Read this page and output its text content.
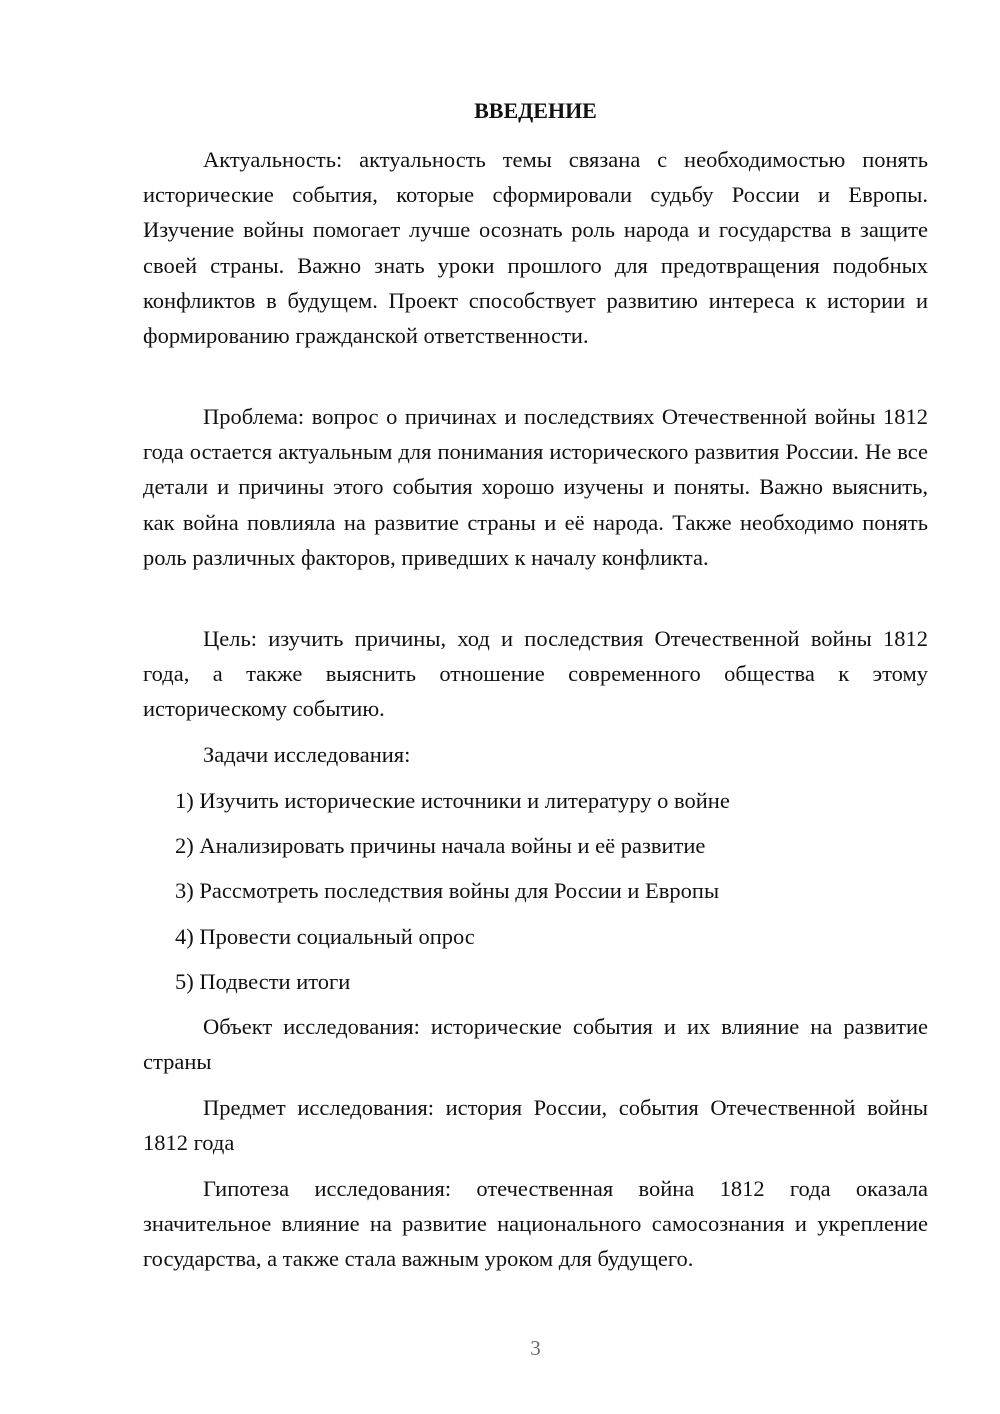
ВВЕДЕНИЕ

Актуальность: актуальность темы связана с необходимостью понять исторические события, которые сформировали судьбу России и Европы. Изучение войны помогает лучше осознать роль народа и государства в защите своей страны. Важно знать уроки прошлого для предотвращения подобных конфликтов в будущем. Проект способствует развитию интереса к истории и формированию гражданской ответственности.

Проблема: вопрос о причинах и последствиях Отечественной войны 1812 года остается актуальным для понимания исторического развития России. Не все детали и причины этого события хорошо изучены и поняты. Важно выяснить, как война повлияла на развитие страны и её народа. Также необходимо понять роль различных факторов, приведших к началу конфликта.

Цель: изучить причины, ход и последствия Отечественной войны 1812 года, а также выяснить отношение современного общества к этому историческому событию.

Задачи исследования:

1) Изучить исторические источники и литературу о войне

2) Анализировать причины начала войны и её развитие

3) Рассмотреть последствия войны для России и Европы

4) Провести социальный опрос

5) Подвести итоги

Объект исследования: исторические события и их влияние на развитие страны

Предмет исследования: история России, события Отечественной войны 1812 года

Гипотеза исследования: отечественная война 1812 года оказала значительное влияние на развитие национального самосознания и укрепление государства, а также стала важным уроком для будущего.

3
